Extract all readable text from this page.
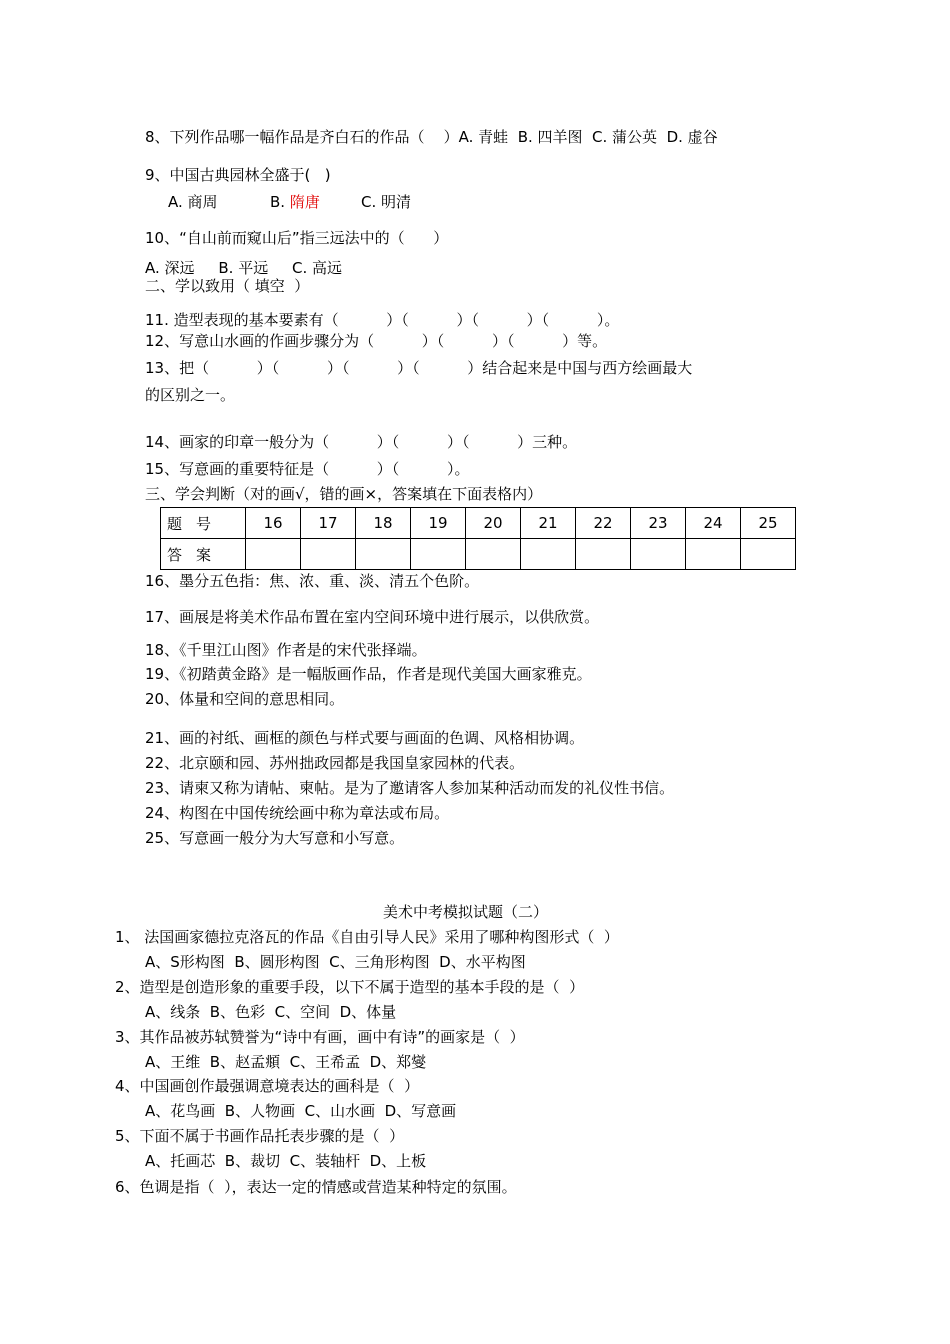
8、下列作品哪一幅作品是齐白石的作品（    ）A. 青蛙  B. 四羊图  C. 蒲公英  D. 虚谷
9、中国古典园林全盛于(   )
A. 商周	B. 隋唐	C. 明清
10、“自山前而窥山后”指三远法中的（      ）
A. 深远     B. 平远     C. 高远
二、学以致用（ 填空  ）
11. 造型表现的基本要素有（          ）（          ）（          ）（          ）。
12、写意山水画的作画步骤分为（          ）（          ）（          ）等。
13、把（          ）（          ）（          ）（          ）结合起来是中国与西方绘画最大
的区别之一。
14、画家的印章一般分为（          ）（          ）（          ）三种。
15、写意画的重要特征是（          ）（          ）。
三、学会判断（对的画√，错的画×，答案填在下面表格内）
题号	16	17	18	19	20	21	22	23	24	25
答案										
16、墨分五色指：焦、浓、重、淡、清五个色阶。
17、画展是将美术作品布置在室内空间环境中进行展示，以供欣赏。
18、《千里江山图》作者是的宋代张择端。
19、《初踏黄金路》是一幅版画作品，作者是现代美国大画家雅克。
20、体量和空间的意思相同。
21、画的衬纸、画框的颜色与样式要与画面的色调、风格相协调。
22、北京颐和园、苏州拙政园都是我国皇家园林的代表。
23、请柬又称为请帖、柬帖。是为了邀请客人参加某种活动而发的礼仪性书信。
24、构图在中国传统绘画中称为章法或布局。
25、写意画一般分为大写意和小写意。
美术中考模拟试题（二）
1、 法国画家德拉克洛瓦的作品《自由引导人民》采用了哪种构图形式（  ）
A、S形构图  B、圆形构图  C、三角形构图  D、水平构图
2、造型是创造形象的重要手段，以下不属于造型的基本手段的是（  ）
A、线条  B、色彩  C、空间  D、体量
3、其作品被苏轼赞誉为“诗中有画，画中有诗”的画家是（  ）
A、王维  B、赵孟頫  C、王希孟  D、郑燮
4、中国画创作最强调意境表达的画科是（  ）
A、花鸟画  B、人物画  C、山水画  D、写意画
5、下面不属于书画作品托表步骤的是（  ）
A、托画芯  B、裁切  C、装轴杆  D、上板
6、色调是指（  ），表达一定的情感或营造某种特定的氛围。
